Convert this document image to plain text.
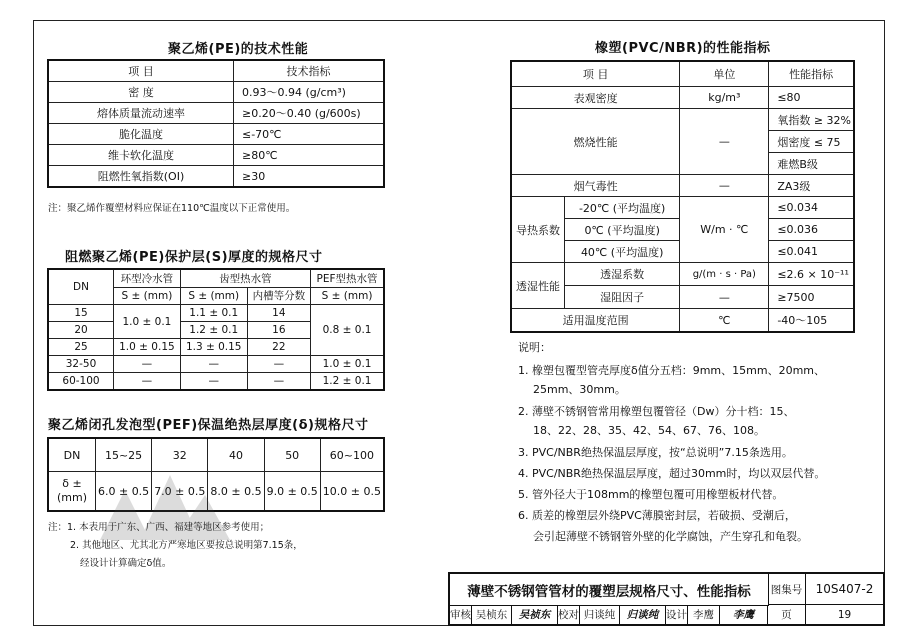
聚乙烯(PE)的技术性能
项 目	技术指标
密 度	0.93～0.94 (g/cm³)
熔体质量流动速率	≥0.20～0.40 (g/600s)
脆化温度	≤-70℃
维卡软化温度	≥80℃
阻燃性氧指数(OI)	≥30
注：聚乙烯作覆塑材料应保证在110℃温度以下正常使用。
阻燃聚乙烯(PE)保护层(S)厚度的规格尺寸
DN	环型冷水管	齿型热水管		PEF型热水管
	S ± (mm)	S ± (mm)	内槽等分数	S ± (mm)
15	1.0 ± 0.1	1.1 ± 0.1	14	0.8 ± 0.1
20		1.2 ± 0.1	16	
25	1.0 ± 0.15	1.3 ± 0.15	22	
32-50	—	—	—	1.0 ± 0.1
60-100	—	—	—	1.2 ± 0.1
聚乙烯闭孔发泡型(PEF)保温绝热层厚度(δ)规格尺寸
DN	15~25	32	40	50	60~100

δ ±
(mm)	6.0 ± 0.5	7.0 ± 0.5	8.0 ± 0.5	9.0 ± 0.5	10.0 ± 0.5
注：1. 本表用于广东、广西、福建等地区参考使用；
2. 其他地区、尤其北方严寒地区要按总说明第7.15条，
经设计计算确定δ值。
橡塑(PVC/NBR)的性能指标
项 目		单位	性能指标
表观密度		kg/m³	≤80
燃烧性能		—	氧指数 ≥ 32%
			烟密度 ≤ 75
			难燃B级
烟气毒性		—	ZA3级
导热系数	-20℃ (平均温度)	W/m · ℃	≤0.034
	0℃ (平均温度)		≤0.036
	40℃ (平均温度)		≤0.041
透湿性能	透湿系数	g/(m · s · Pa)	≤2.6 × 10⁻¹¹
	湿阻因子	—	≥7500
适用温度范围		℃	-40～105
说明：
1. 橡塑包覆型管壳厚度δ值分五档：9mm、15mm、20mm、
25mm、30mm。
2. 薄壁不锈钢管常用橡塑包覆管径（Dw）分十档：15、
18、22、28、35、42、54、67、76、108。
3. PVC/NBR绝热保温层厚度，按“总说明”7.15条选用。
4. PVC/NBR绝热保温层厚度，超过30mm时，均以双层代替。
5. 管外径大于108mm的橡塑包覆可用橡塑板材代替。
6. 质差的橡塑层外绕PVC薄膜密封层，若破损、受潮后，
会引起薄壁不锈钢管外壁的化学腐蚀，产生穿孔和龟裂。
薄壁不锈钢管管材的覆塑层规格尺寸、性能指标	图集号	10S407-2
审核 吴桢东	吴祯东 校对 归谈纯	归谈纯 设计 李鹰	李鹰	页	19
